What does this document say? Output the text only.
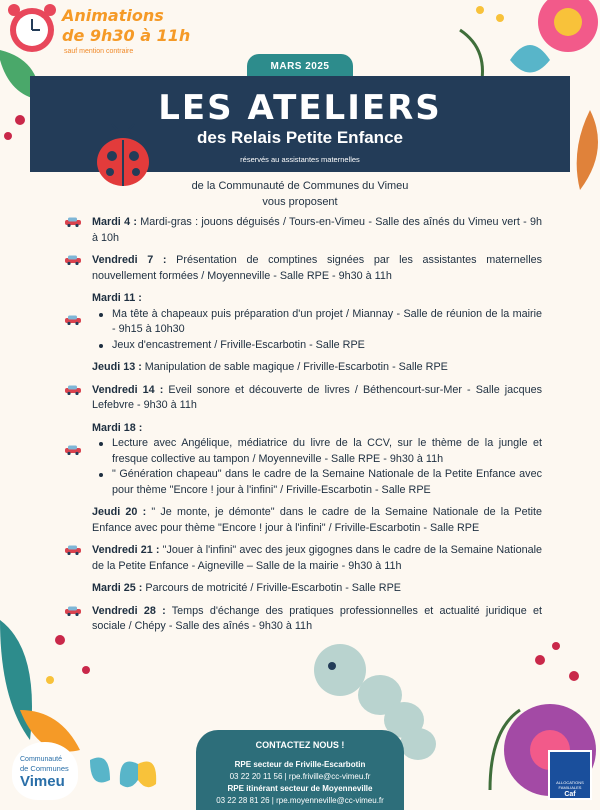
Animations
de 9h30 à 11h
sauf mention contraire
MARS 2025
LES ATELIERS
des Relais Petite Enfance
réservés au assistantes maternelles
de la Communauté de Communes du Vimeu
vous proposent
Mardi 4 : Mardi-gras : jouons déguisés / Tours-en-Vimeu - Salle des aînés du Vimeu vert - 9h à 10h
Vendredi 7 : Présentation de comptines signées par les assistantes maternelles nouvellement formées / Moyenneville - Salle RPE - 9h30 à 11h
Mardi 11 :
Ma tête à chapeaux puis préparation d'un projet / Miannay - Salle de réunion de la mairie - 9h15 à 10h30
Jeux d'encastrement / Friville-Escarbotin - Salle RPE
Jeudi 13 : Manipulation de sable magique / Friville-Escarbotin - Salle RPE
Vendredi 14 : Eveil sonore et découverte de livres / Béthencourt-sur-Mer - Salle jacques Lefebvre - 9h30 à 11h
Mardi 18 :
Lecture avec Angélique, médiatrice du livre de la CCV, sur le thème de la jungle et fresque collective au tampon / Moyenneville - Salle RPE - 9h30 à 11h
" Génération chapeau" dans le cadre de la Semaine Nationale de la Petite Enfance avec pour thème "Encore ! jour à l'infini" / Friville-Escarbotin - Salle RPE
Jeudi 20 : " Je monte, je démonte" dans le cadre de la Semaine Nationale de la Petite Enfance avec pour thème "Encore ! jour à l'infini" / Friville-Escarbotin - Salle RPE
Vendredi 21 : "Jouer à l'infini" avec des jeux gigognes dans le cadre de la Semaine Nationale de la Petite Enfance - Aigneville – Salle de la mairie - 9h30 à 11h
Mardi 25 : Parcours de motricité / Friville-Escarbotin - Salle RPE
Vendredi 28 : Temps d'échange des pratiques professionnelles et actualité juridique et sociale / Chépy - Salle des aînés - 9h30 à 11h
CONTACTEZ NOUS !
RPE secteur de Friville-Escarbotin
03 22 20 11 56 | rpe.friville@cc-vimeu.fr
RPE itinérant secteur de Moyenneville
03 22 28 81 26 | rpe.moyenneville@cc-vimeu.fr
Communauté
de Communes
Vimeu	ALLOCATIONS FAMILIALES
Caf
